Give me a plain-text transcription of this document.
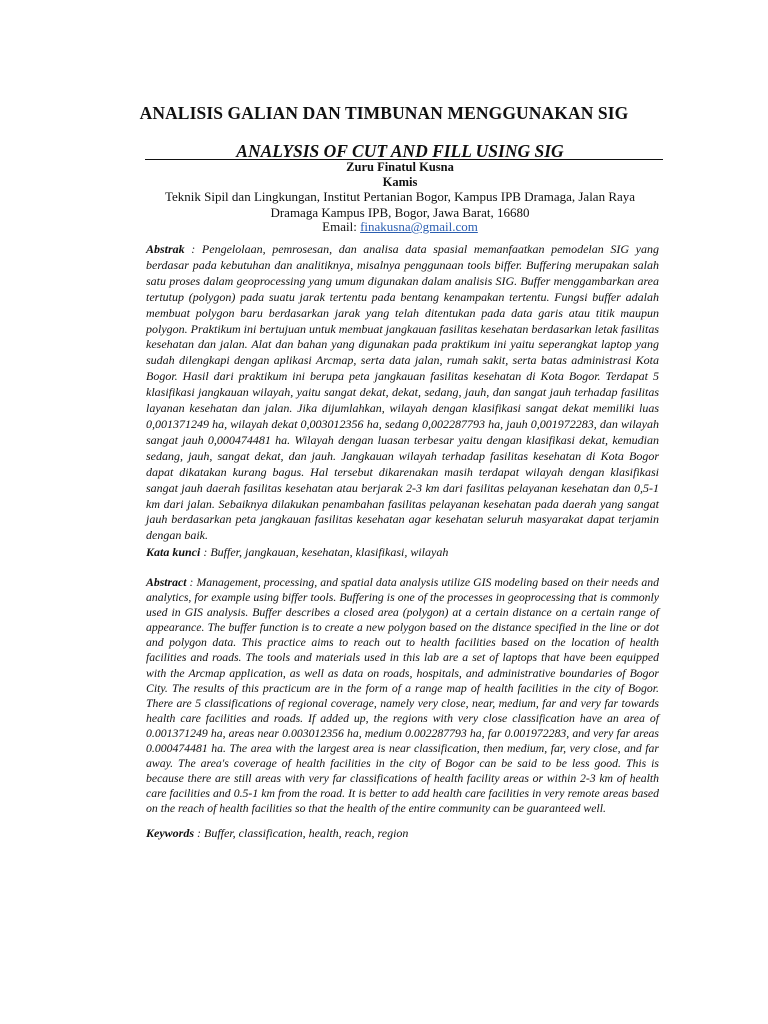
ANALISIS GALIAN DAN TIMBUNAN MENGGUNAKAN SIG
ANALYSIS OF CUT AND FILL USING SIG
Zuru Finatul Kusna
Kamis
Teknik Sipil dan Lingkungan, Institut Pertanian Bogor, Kampus IPB Dramaga, Jalan Raya
Dramaga Kampus IPB, Bogor, Jawa Barat, 16680
Email: finakusna@gmail.com

Abstrak : Pengelolaan, pemrosesan, dan analisa data spasial memanfaatkan pemodelan SIG yang berdasar pada kebutuhan dan analitiknya, misalnya penggunaan tools biffer. Buffering merupakan salah satu proses dalam geoprocessing yang umum digunakan dalam analisis SIG. Buffer menggambarkan area tertutup (polygon) pada suatu jarak tertentu pada bentang kenampakan tertentu. Fungsi buffer adalah membuat polygon baru berdasarkan jarak yang telah ditentukan pada data garis atau titik maupun polygon. Praktikum ini bertujuan untuk membuat jangkauan fasilitas kesehatan berdasarkan letak fasilitas kesehatan dan jalan. Alat dan bahan yang digunakan pada praktikum ini yaitu seperangkat laptop yang sudah dilengkapi dengan aplikasi Arcmap, serta data jalan, rumah sakit, serta batas administrasi Kota Bogor. Hasil dari praktikum ini berupa peta jangkauan fasilitas kesehatan di Kota Bogor. Terdapat 5 klasifikasi jangkauan wilayah, yaitu sangat dekat, dekat, sedang, jauh, dan sangat jauh terhadap fasilitas layanan kesehatan dan jalan. Jika dijumlahkan, wilayah dengan klasifikasi sangat dekat memiliki luas 0,001371249 ha, wilayah dekat 0,003012356 ha, sedang 0,002287793 ha, jauh 0,001972283, dan wilayah sangat jauh 0,000474481 ha. Wilayah dengan luasan terbesar yaitu dengan klasifikasi dekat, kemudian sedang, jauh, sangat dekat, dan jauh. Jangkauan wilayah terhadap fasilitas kesehatan di Kota Bogor dapat dikatakan kurang bagus. Hal tersebut dikarenakan masih terdapat wilayah dengan klasifikasi sangat jauh daerah fasilitas kesehatan atau berjarak 2-3 km dari fasilitas pelayanan kesehatan dan 0,5-1 km dari jalan. Sebaiknya dilakukan penambahan fasilitas pelayanan kesehatan pada daerah yang sangat jauh berdasarkan peta jangkauan fasilitas kesehatan agar kesehatan seluruh masyarakat dapat terjamin dengan baik.

Kata kunci : Buffer, jangkauan, kesehatan, klasifikasi, wilayah

Abstract : Management, processing, and spatial data analysis utilize GIS modeling based on their needs and analytics, for example using biffer tools. Buffering is one of the processes in geoprocessing that is commonly used in GIS analysis. Buffer describes a closed area (polygon) at a certain distance on a certain range of appearance. The buffer function is to create a new polygon based on the distance specified in the line or dot and polygon data. This practice aims to reach out to health facilities based on the location of health facilities and roads. The tools and materials used in this lab are a set of laptops that have been equipped with the Arcmap application, as well as data on roads, hospitals, and administrative boundaries of Bogor City. The results of this practicum are in the form of a range map of health facilities in the city of Bogor. There are 5 classifications of regional coverage, namely very close, near, medium, far and very far towards health care facilities and roads. If added up, the regions with very close classification have an area of 0.001371249 ha, areas near 0.003012356 ha, medium 0.002287793 ha, far 0.001972283, and very far areas 0.000474481 ha. The area with the largest area is near classification, then medium, far, very close, and far away. The area's coverage of health facilities in the city of Bogor can be said to be less good. This is because there are still areas with very far classifications of health facility areas or within 2-3 km of health care facilities and 0.5-1 km from the road. It is better to add health care facilities in very remote areas based on the reach of health facilities so that the health of the entire community can be guaranteed well.

Keywords : Buffer, classification, health, reach, region
